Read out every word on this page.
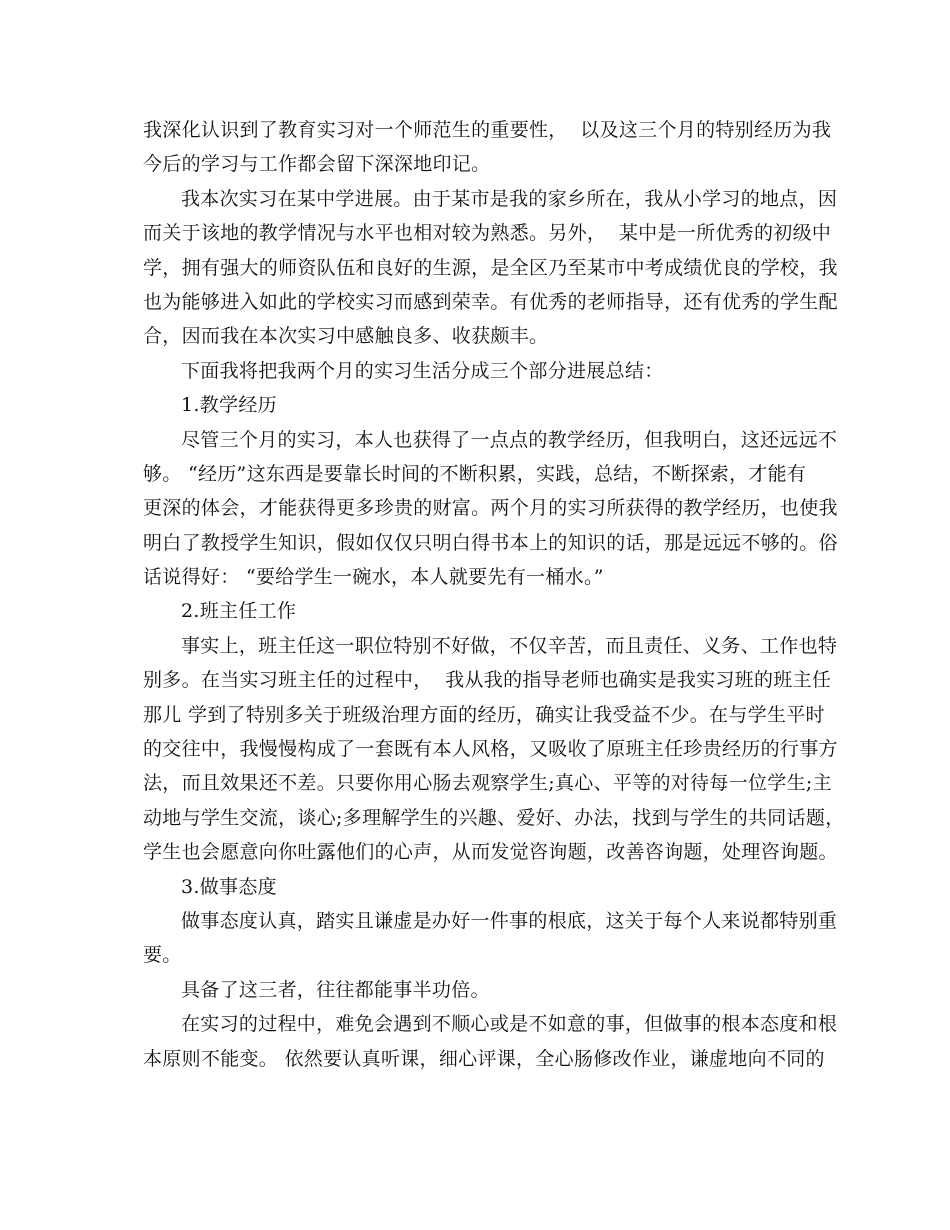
我深化认识到了教育实习对一个师范生的重要性，  以及这三个月的特别经历为我
今后的学习与工作都会留下深深地印记。
我本次实习在某中学进展。由于某市是我的家乡所在，我从小学习的地点，因
而关于该地的教学情况与水平也相对较为熟悉。另外，  某中是一所优秀的初级中
学，拥有强大的师资队伍和良好的生源，是全区乃至某市中考成绩优良的学校，我
也为能够进入如此的学校实习而感到荣幸。有优秀的老师指导，还有优秀的学生配
合，因而我在本次实习中感触良多、收获颇丰。
下面我将把我两个月的实习生活分成三个部分进展总结：
1.教学经历
尽管三个月的实习，本人也获得了一点点的教学经历，但我明白，这还远远不
够。 “经历”这东西是要靠长时间的不断积累，实践，总结，不断探索，才能有
更深的体会，才能获得更多珍贵的财富。两个月的实习所获得的教学经历，也使我
明白了教授学生知识，假如仅仅只明白得书本上的知识的话，那是远远不够的。俗
话说得好： “要给学生一碗水，本人就要先有一桶水。”
2.班主任工作
事实上，班主任这一职位特别不好做，不仅辛苦，而且责任、义务、工作也特
别多。在当实习班主任的过程中，  我从我的指导老师也确实是我实习班的班主任
那儿 学到了特别多关于班级治理方面的经历，确实让我受益不少。在与学生平时
的交往中，我慢慢构成了一套既有本人风格，又吸收了原班主任珍贵经历的行事方
法，而且效果还不差。只要你用心肠去观察学生;真心、平等的对待每一位学生;主
动地与学生交流，谈心;多理解学生的兴趣、爱好、办法，找到与学生的共同话题，
学生也会愿意向你吐露他们的心声，从而发觉咨询题，改善咨询题，处理咨询题。
3.做事态度
做事态度认真，踏实且谦虚是办好一件事的根底，这关于每个人来说都特别重
要。
具备了这三者，往往都能事半功倍。
在实习的过程中，难免会遇到不顺心或是不如意的事，但做事的根本态度和根
本原则不能变。 依然要认真听课，细心评课，全心肠修改作业，谦虚地向不同的
